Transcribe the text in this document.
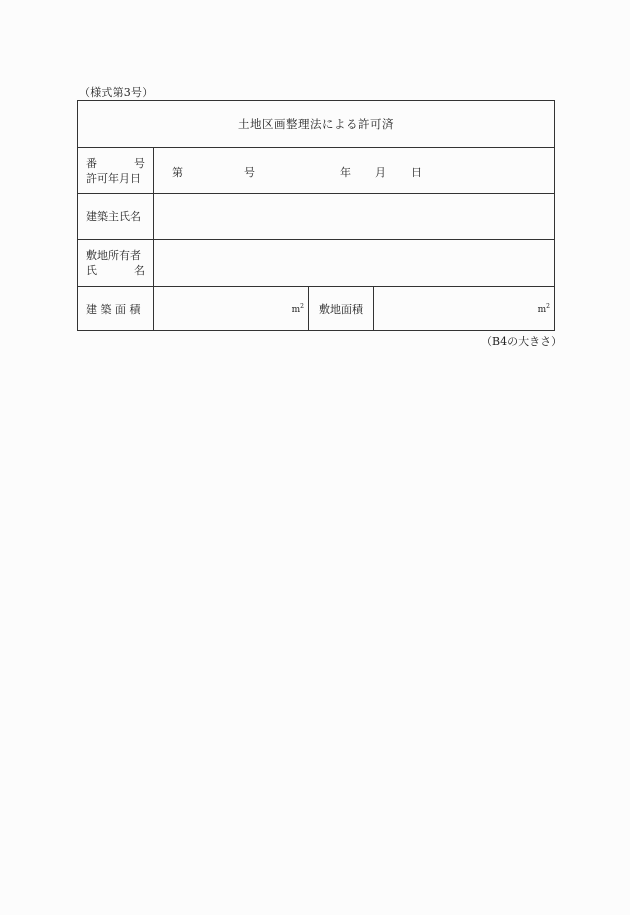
（様式第3号）
土地区画整理法による許可済
番	号
許可年月日	第	号	年 月 日
建築主氏名
敷地所有者
氏	名
建 築 面 積	$m^2$	敷地面積	$m^2$
（B4の大きさ）
